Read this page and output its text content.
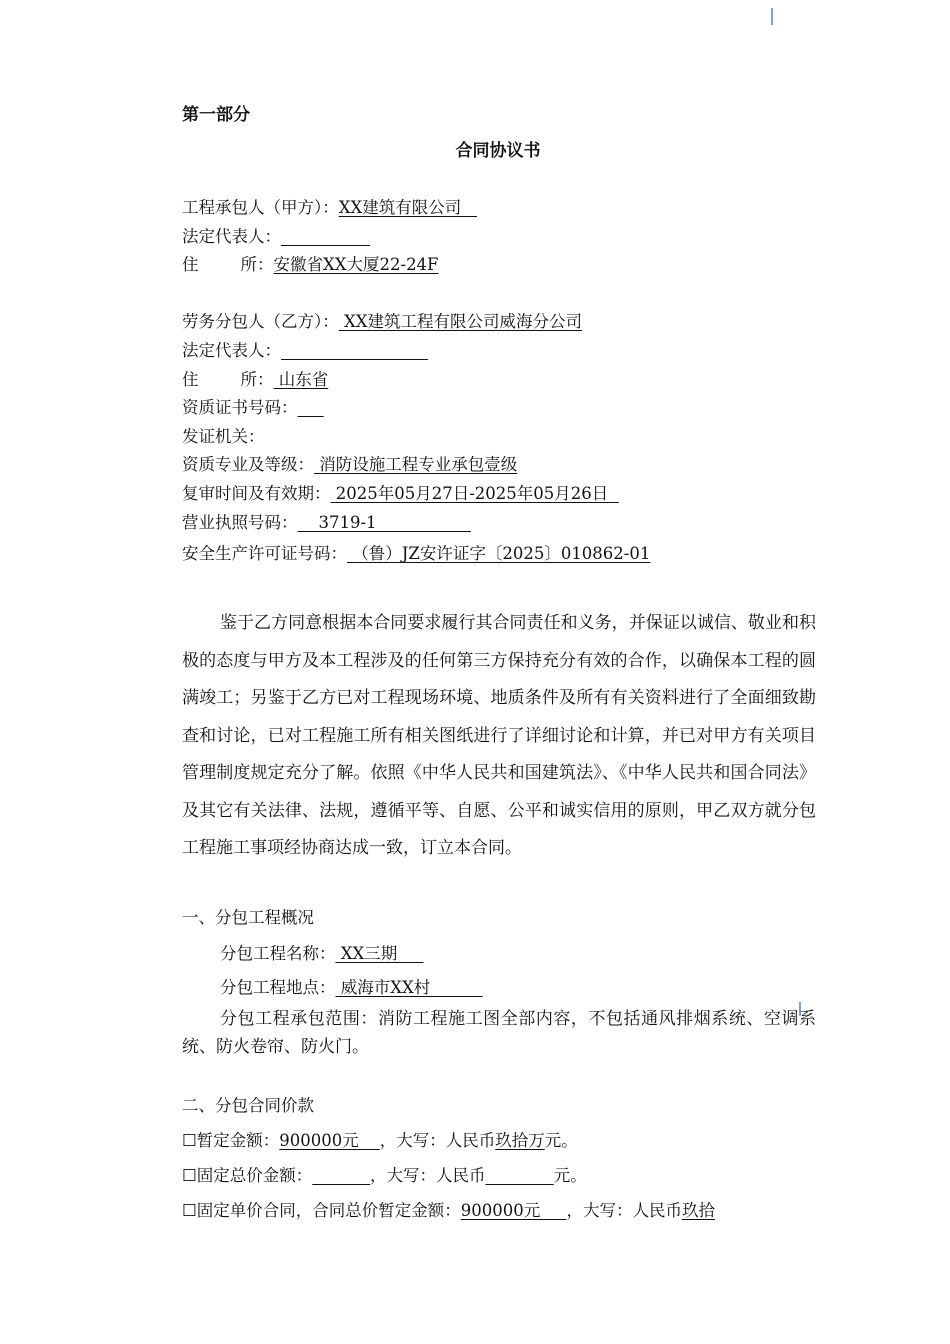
第一部分
合同协议书
工程承包人（甲方）：XX建筑有限公司
法定代表人：
住	所：安徽省XX大厦22-24F
劳务分包人（乙方）： XX建筑工程有限公司威海分公司
法定代表人：
住	所： 山东省
资质证书号码：
发证机关：
资质专业及等级： 消防设施工程专业承包壹级
复审时间及有效期： 2025年05月27日-2025年05月26日
营业执照号码：    3719-1
安全生产许可证号码： （鲁）JZ安许证字〔2025〕010862-01
鉴于乙方同意根据本合同要求履行其合同责任和义务，并保证以诚信、敬业和积极的态度与甲方及本工程涉及的任何第三方保持充分有效的合作，以确保本工程的圆满竣工；另鉴于乙方已对工程现场环境、地质条件及所有有关资料进行了全面细致勘查和讨论，已对工程施工所有相关图纸进行了详细讨论和计算，并已对甲方有关项目管理制度规定充分了解。依照《中华人民共和国建筑法》、《中华人民共和国合同法》及其它有关法律、法规，遵循平等、自愿、公平和诚实信用的原则，甲乙双方就分包工程施工事项经协商达成一致，订立本合同。
一、分包工程概况
分包工程名称： XX三期
分包工程地点： 威海市XX村
分包工程承包范围：消防工程施工图全部内容，不包括通风排烟系统、空调系统、防火卷帘、防火门。
二、分包合同价款
☐暂定金额：900000元    ，大写：人民币玖拾万元。
☐固定总价金额：	，大写：人民币	元。
☐固定单价合同，合同总价暂定金额：900000元     ，大写：人民币玖拾
